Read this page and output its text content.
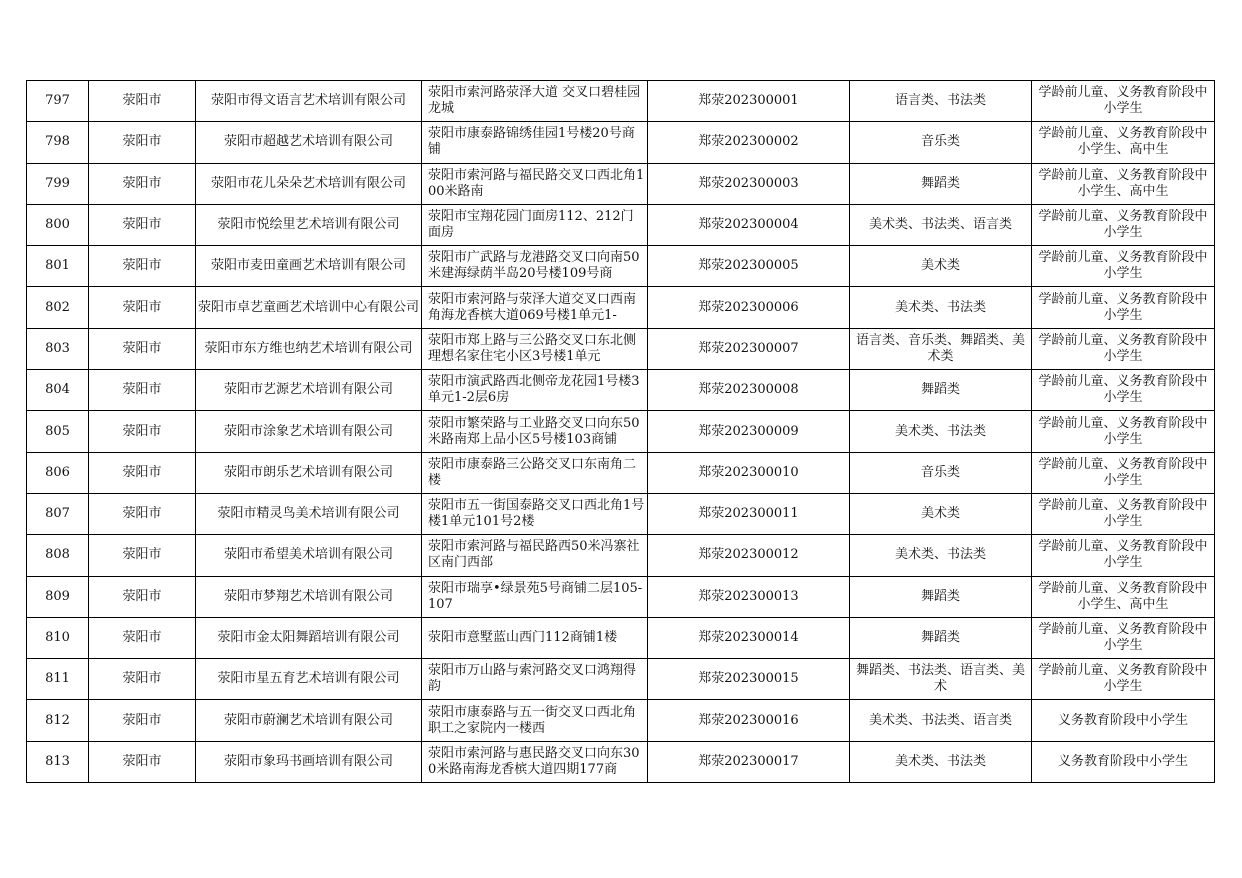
797	荥阳市	荥阳市得文语言艺术培训有限公司	荥阳市索河路荥泽大道 交叉口碧桂园龙城	郑荥202300001	语言类、书法类	学龄前儿童、义务教育阶段中小学生

798	荥阳市	荥阳市超越艺术培训有限公司	荥阳市康泰路锦绣佳园1号楼20号商铺	郑荥202300002	音乐类	学龄前儿童、义务教育阶段中小学生、高中生

799	荥阳市	荥阳市花儿朵朵艺术培训有限公司	荥阳市索河路与福民路交叉口西北角100米路南	郑荥202300003	舞蹈类	学龄前儿童、义务教育阶段中小学生、高中生

800	荥阳市	荥阳市悦绘里艺术培训有限公司	荥阳市宝翔花园门面房112、212门面房	郑荥202300004	美术类、书法类、语言类	学龄前儿童、义务教育阶段中小学生

801	荥阳市	荥阳市麦田童画艺术培训有限公司	荥阳市广武路与龙港路交叉口向南50米建海绿荫半岛20号楼109号商	郑荥202300005	美术类	学龄前儿童、义务教育阶段中小学生

802	荥阳市	荥阳市卓艺童画艺术培训中心有限公司	荥阳市索河路与荥泽大道交叉口西南角海龙香槟大道069号楼1单元1-	郑荥202300006	美术类、书法类	学龄前儿童、义务教育阶段中小学生

803	荥阳市	荥阳市东方维也纳艺术培训有限公司	荥阳市郑上路与三公路交叉口东北侧理想名家住宅小区3号楼1单元	郑荥202300007	语言类、音乐类、舞蹈类、美术类	学龄前儿童、义务教育阶段中小学生

804	荥阳市	荥阳市艺源艺术培训有限公司	荥阳市演武路西北侧帝龙花园1号楼3单元1-2层6房	郑荥202300008	舞蹈类	学龄前儿童、义务教育阶段中小学生

805	荥阳市	荥阳市涂象艺术培训有限公司	荥阳市繁荣路与工业路交叉口向东50米路南郑上品小区5号楼103商铺	郑荥202300009	美术类、书法类	学龄前儿童、义务教育阶段中小学生

806	荥阳市	荥阳市朗乐艺术培训有限公司	荥阳市康泰路三公路交叉口东南角二楼	郑荥202300010	音乐类	学龄前儿童、义务教育阶段中小学生

807	荥阳市	荥阳市精灵鸟美术培训有限公司	荥阳市五一街国泰路交叉口西北角1号楼1单元101号2楼	郑荥202300011	美术类	学龄前儿童、义务教育阶段中小学生

808	荥阳市	荥阳市希望美术培训有限公司	荥阳市索河路与福民路西50米冯寨社区南门西部	郑荥202300012	美术类、书法类	学龄前儿童、义务教育阶段中小学生

809	荥阳市	荥阳市梦翔艺术培训有限公司	荥阳市瑞享•绿景苑5号商铺二层105-107	郑荥202300013	舞蹈类	学龄前儿童、义务教育阶段中小学生、高中生

810	荥阳市	荥阳市金太阳舞蹈培训有限公司	荥阳市意墅蓝山西门112商铺1楼	郑荥202300014	舞蹈类	学龄前儿童、义务教育阶段中小学生

811	荥阳市	荥阳市星五育艺术培训有限公司	荥阳市万山路与索河路交叉口鸿翔得韵	郑荥202300015	舞蹈类、书法类、语言类、美术	学龄前儿童、义务教育阶段中小学生

812	荥阳市	荥阳市蔚澜艺术培训有限公司	荥阳市康泰路与五一街交叉口西北角职工之家院内一楼西	郑荥202300016	美术类、书法类、语言类	义务教育阶段中小学生

813	荥阳市	荥阳市象玛书画培训有限公司	荥阳市索河路与惠民路交叉口向东300米路南海龙香槟大道四期177商	郑荥202300017	美术类、书法类	义务教育阶段中小学生
